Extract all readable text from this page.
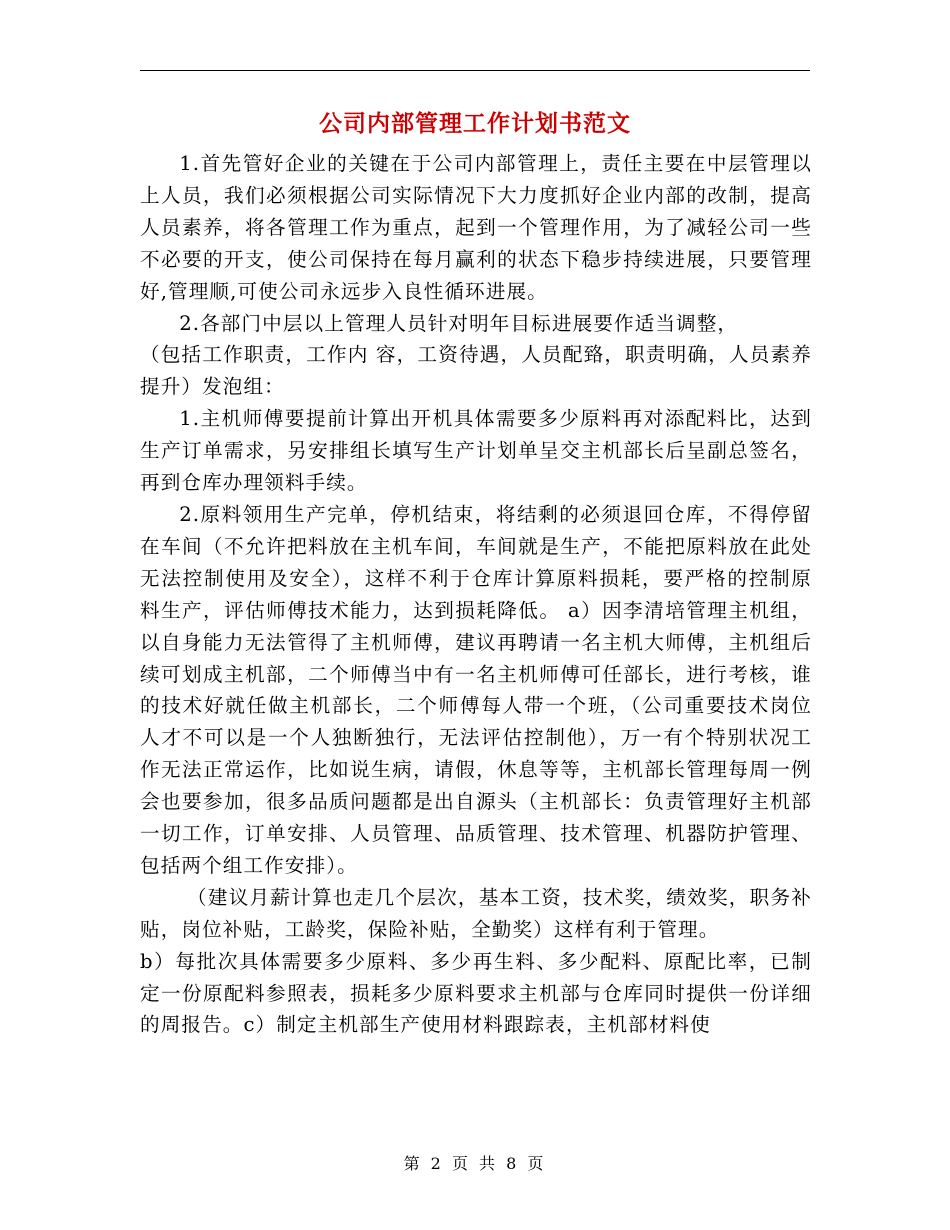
公司内部管理工作计划书范文

1.首先管好企业的关键在于公司内部管理上，责任主要在中层管理以上人员，我们必须根据公司实际情况下大力度抓好企业内部的改制，提高人员素养，将各管理工作为重点，起到一个管理作用，为了减轻公司一些不必要的开支，使公司保持在每月赢利的状态下稳步持续进展，只要管理好,管理顺,可使公司永远步入良性循环进展。

2.各部门中层以上管理人员针对明年目标进展要作适当调整，

（包括工作职责，工作内 容，工资待遇，人员配臵，职责明确，人员素养提升）发泡组：

1.主机师傅要提前计算出开机具体需要多少原料再对添配料比，达到生产订单需求，另安排组长填写生产计划单呈交主机部长后呈副总签名，再到仓库办理领料手续。

2.原料领用生产完单，停机结束，将结剩的必须退回仓库，不得停留在车间（不允许把料放在主机车间，车间就是生产，不能把原料放在此处无法控制使用及安全），这样不利于仓库计算原料损耗，要严格的控制原料生产，评估师傅技术能力，达到损耗降低。 a）因李清培管理主机组，以自身能力无法管得了主机师傅，建议再聘请一名主机大师傅，主机组后续可划成主机部，二个师傅当中有一名主机师傅可任部长，进行考核，谁的技术好就任做主机部长，二个师傅每人带一个班，（公司重要技术岗位人才不可以是一个人独断独行，无法评估控制他），万一有个特别状况工作无法正常运作，比如说生病，请假，休息等等，主机部长管理每周一例会也要参加，很多品质问题都是出自源头（主机部长：负责管理好主机部一切工作，订单安排、人员管理、品质管理、技术管理、机器防护管理、包括两个组工作安排）。

（建议月薪计算也走几个层次，基本工资，技术奖，绩效奖，职务补贴，岗位补贴，工龄奖，保险补贴，全勤奖）这样有利于管理。

b）每批次具体需要多少原料、多少再生料、多少配料、原配比率，已制定一份原配料参照表，损耗多少原料要求主机部与仓库同时提供一份详细的周报告。c）制定主机部生产使用材料跟踪表，主机部材料使

第 2 页 共 8 页
